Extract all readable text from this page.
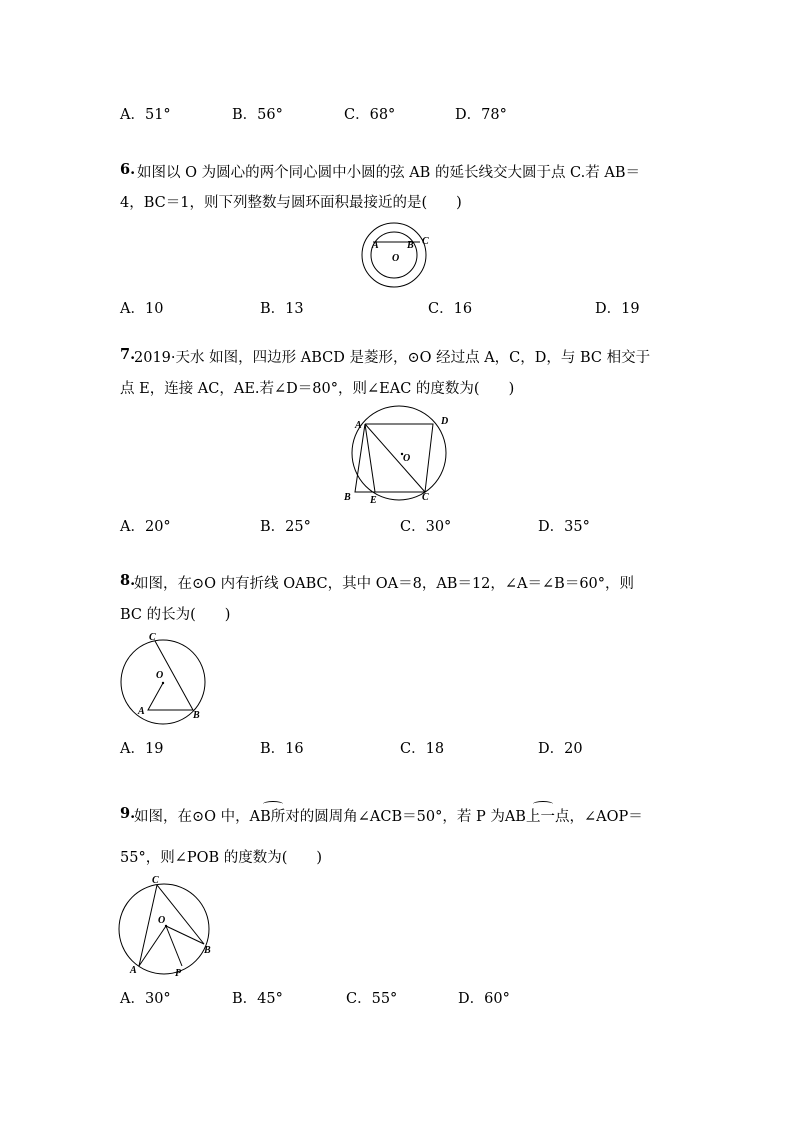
A．51°	B．56°	C．68°	D．78°
6. 如图以 O 为圆心的两个同心圆中小圆的弦 AB 的延长线交大圆于点 C.若 AB＝
4，BC＝1，则下列整数与圆环面积最接近的是(　　)
A	B C
O
A．10	B．13	C．16	D．19
7.
2019·天水 如图，四边形 ABCD 是菱形，⊙O 经过点 A，C，D，与 BC 相交于
点 E，连接 AC，AE.若∠D＝80°，则∠EAC 的度数为(　　)
A	D
O
B E	C
A．20°	B．25°	C．30°	D．35°
8.
如图，在⊙O 内有折线 OABC，其中 OA＝8，AB＝12，∠A＝∠B＝60°，则
BC 的长为(　　)
C
O
A	B
A．19	B．16	C．18	D．20
9.
如图，在⊙O 中，AB所对的圆周角∠ACB＝50°，若 P 为AB上一点，∠AOP＝
55°，则∠POB 的度数为(　　)
C
O
B
A	P
A．30°	B．45°	C．55°	D．60°
